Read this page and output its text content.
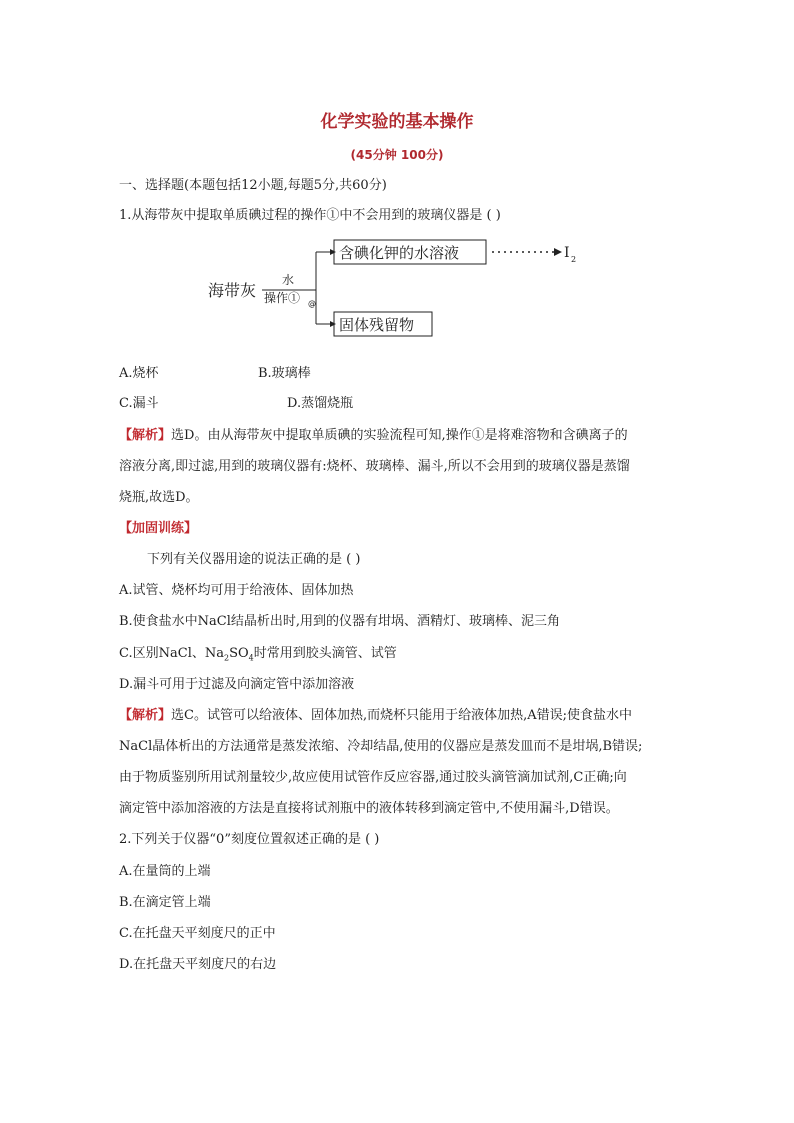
化学实验的基本操作
(45分钟 100分)
一、选择题(本题包括12小题,每题5分,共60分)
1.从海带灰中提取单质碘过程的操作①中不会用到的玻璃仪器是 ( )
海带灰
水
操作① @
含碘化钾的水溶液	I 2
固体残留物
A.烧杯	B.玻璃棒
C.漏斗	D.蒸馏烧瓶
【解析】选D。由从海带灰中提取单质碘的实验流程可知,操作①是将难溶物和含碘离子的
溶液分离,即过滤,用到的玻璃仪器有:烧杯、玻璃棒、漏斗,所以不会用到的玻璃仪器是蒸馏
烧瓶,故选D。
【加固训练】
下列有关仪器用途的说法正确的是 ( )
A.试管、烧杯均可用于给液体、固体加热
B.使食盐水中NaCl结晶析出时,用到的仪器有坩埚、酒精灯、玻璃棒、泥三角
C.区别NaCl、$Na_2SO_4$时常用到胶头滴管、试管
D.漏斗可用于过滤及向滴定管中添加溶液
【解析】选C。试管可以给液体、固体加热,而烧杯只能用于给液体加热,A错误;使食盐水中
NaCl晶体析出的方法通常是蒸发浓缩、冷却结晶,使用的仪器应是蒸发皿而不是坩埚,B错误;
由于物质鉴别所用试剂量较少,故应使用试管作反应容器,通过胶头滴管滴加试剂,C正确;向
滴定管中添加溶液的方法是直接将试剂瓶中的液体转移到滴定管中,不使用漏斗,D错误。
2.下列关于仪器“0”刻度位置叙述正确的是 ( )
A.在量筒的上端
B.在滴定管上端
C.在托盘天平刻度尺的正中
D.在托盘天平刻度尺的右边
